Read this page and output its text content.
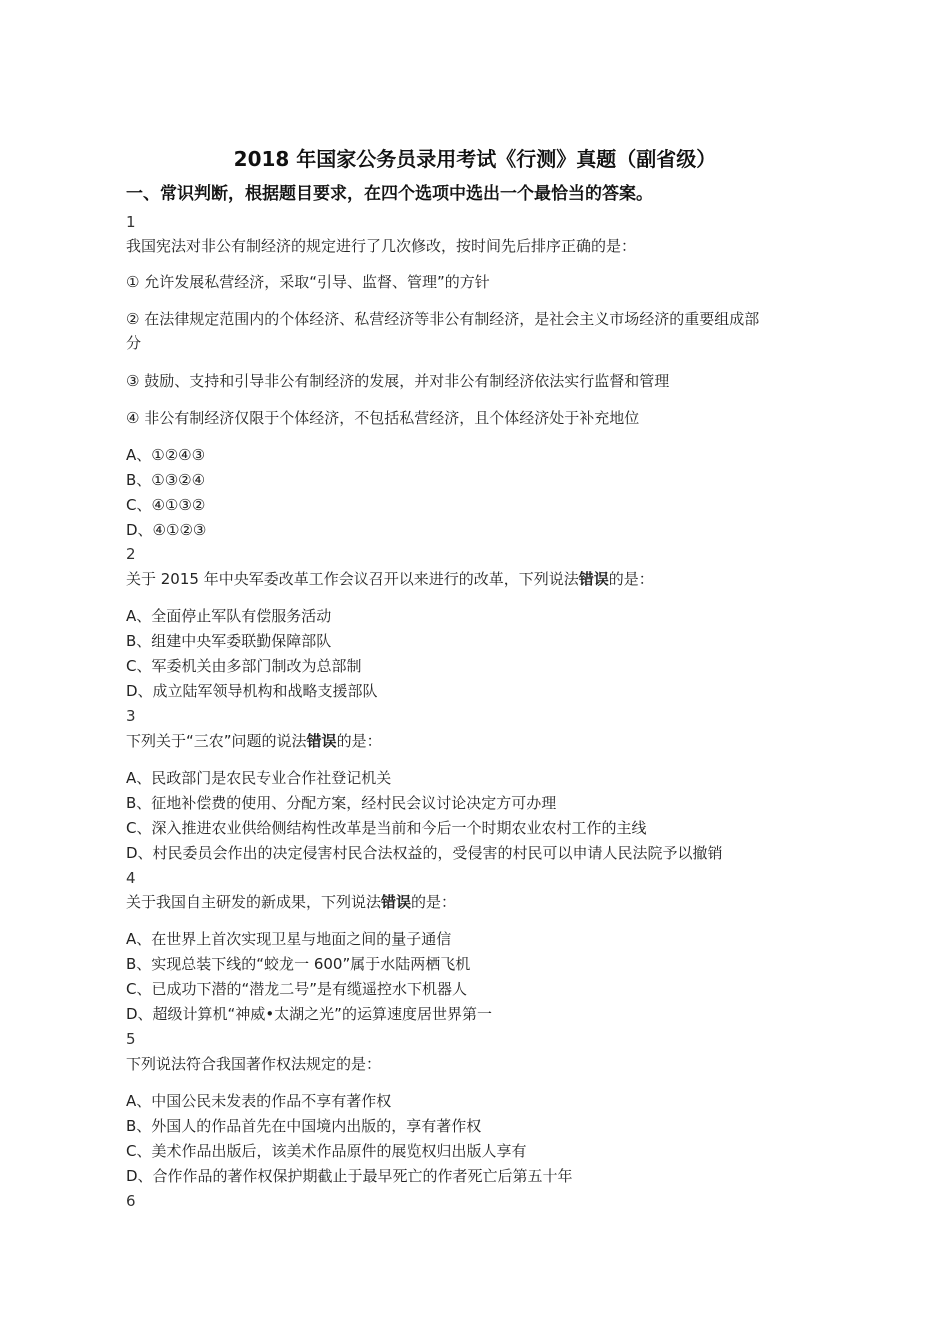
2018 年国家公务员录用考试《行测》真题（副省级）
一、常识判断，根据题目要求，在四个选项中选出一个最恰当的答案。
1
我国宪法对非公有制经济的规定进行了几次修改，按时间先后排序正确的是：
① 允许发展私营经济，采取“引导、监督、管理”的方针
② 在法律规定范围内的个体经济、私营经济等非公有制经济，是社会主义市场经济的重要组成部
分
③ 鼓励、支持和引导非公有制经济的发展，并对非公有制经济依法实行监督和管理
④ 非公有制经济仅限于个体经济，不包括私营经济，且个体经济处于补充地位
A、①②④③
B、①③②④
C、④①③②
D、④①②③
2
关于 2015 年中央军委改革工作会议召开以来进行的改革，下列说法错误的是：
A、全面停止军队有偿服务活动
B、组建中央军委联勤保障部队
C、军委机关由多部门制改为总部制
D、成立陆军领导机构和战略支援部队
3
下列关于“三农”问题的说法错误的是：
A、民政部门是农民专业合作社登记机关
B、征地补偿费的使用、分配方案，经村民会议讨论决定方可办理
C、深入推进农业供给侧结构性改革是当前和今后一个时期农业农村工作的主线
D、村民委员会作出的决定侵害村民合法权益的，受侵害的村民可以申请人民法院予以撤销
4
关于我国自主研发的新成果，下列说法错误的是：
A、在世界上首次实现卫星与地面之间的量子通信
B、实现总装下线的“蛟龙一 600”属于水陆两栖飞机
C、已成功下潜的“潜龙二号”是有缆遥控水下机器人
D、超级计算机“神威•太湖之光”的运算速度居世界第一
5
下列说法符合我国著作权法规定的是：
A、中国公民未发表的作品不享有著作权
B、外国人的作品首先在中国境内出版的，享有著作权
C、美术作品出版后，该美术作品原件的展览权归出版人享有
D、合作作品的著作权保护期截止于最早死亡的作者死亡后第五十年
6
